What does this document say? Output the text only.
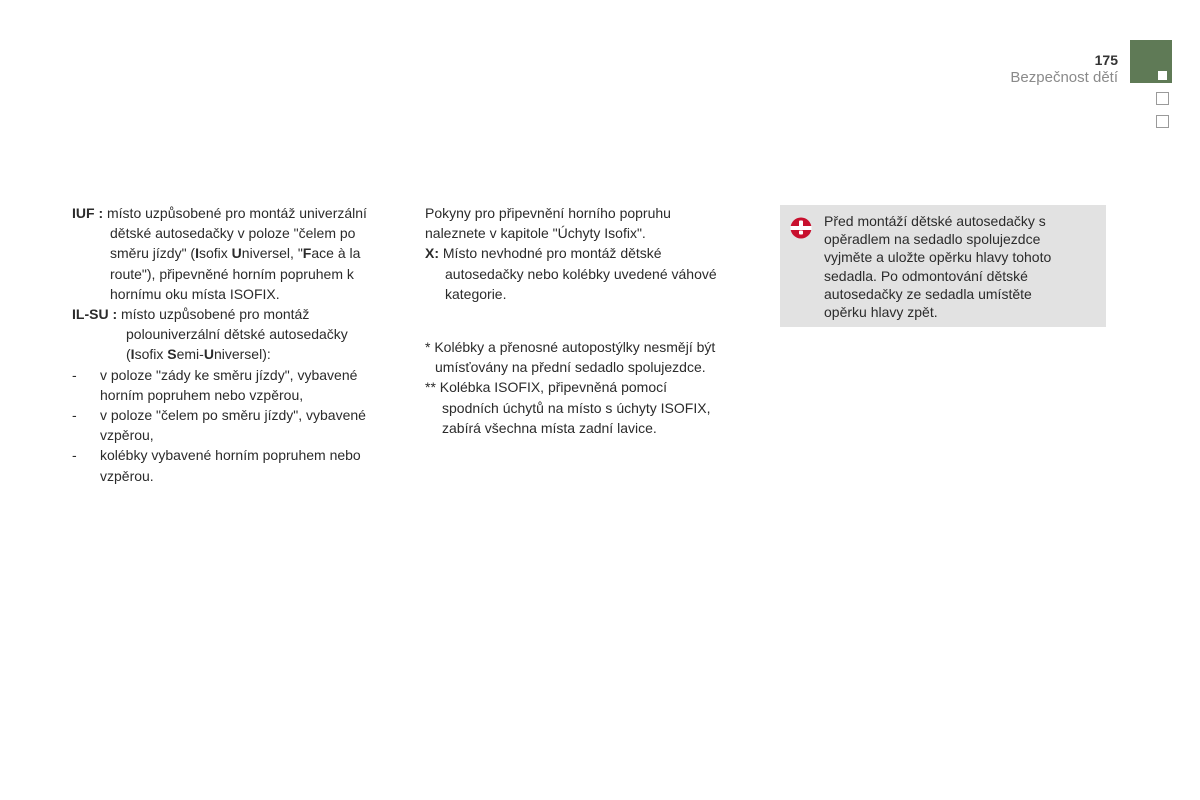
175
Bezpečnost dětí
IUF : místo uzpůsobené pro montáž univerzální
dětské autosedačky v poloze "čelem po
směru jízdy" (Isofix Universel, "Face à la
route"), připevněné horním popruhem k
hornímu oku místa ISOFIX.
IL-SU : místo uzpůsobené pro montáž
polouniverzální dětské autosedačky
(Isofix Semi-Universel):
- v poloze "zády ke směru jízdy", vybavené
horním popruhem nebo vzpěrou,
- v poloze "čelem po směru jízdy", vybavené
vzpěrou,
- kolébky vybavené horním popruhem nebo
vzpěrou.
Pokyny pro připevnění horního popruhu
naleznete v kapitole "Úchyty Isofix".
X: Místo nevhodné pro montáž dětské
autosedačky nebo kolébky uvedené váhové
kategorie.
* Kolébky a přenosné autopostýlky nesmějí být
umísťovány na přední sedadlo spolujezdce.
** Kolébka ISOFIX, připevněná pomocí
spodních úchytů na místo s úchyty ISOFIX,
zabírá všechna místa zadní lavice.
Před montáží dětské autosedačky s
opěradlem na sedadlo spolujezdce
vyjměte a uložte opěrku hlavy tohoto
sedadla. Po odmontování dětské
autosedačky ze sedadla umístěte
opěrku hlavy zpět.
